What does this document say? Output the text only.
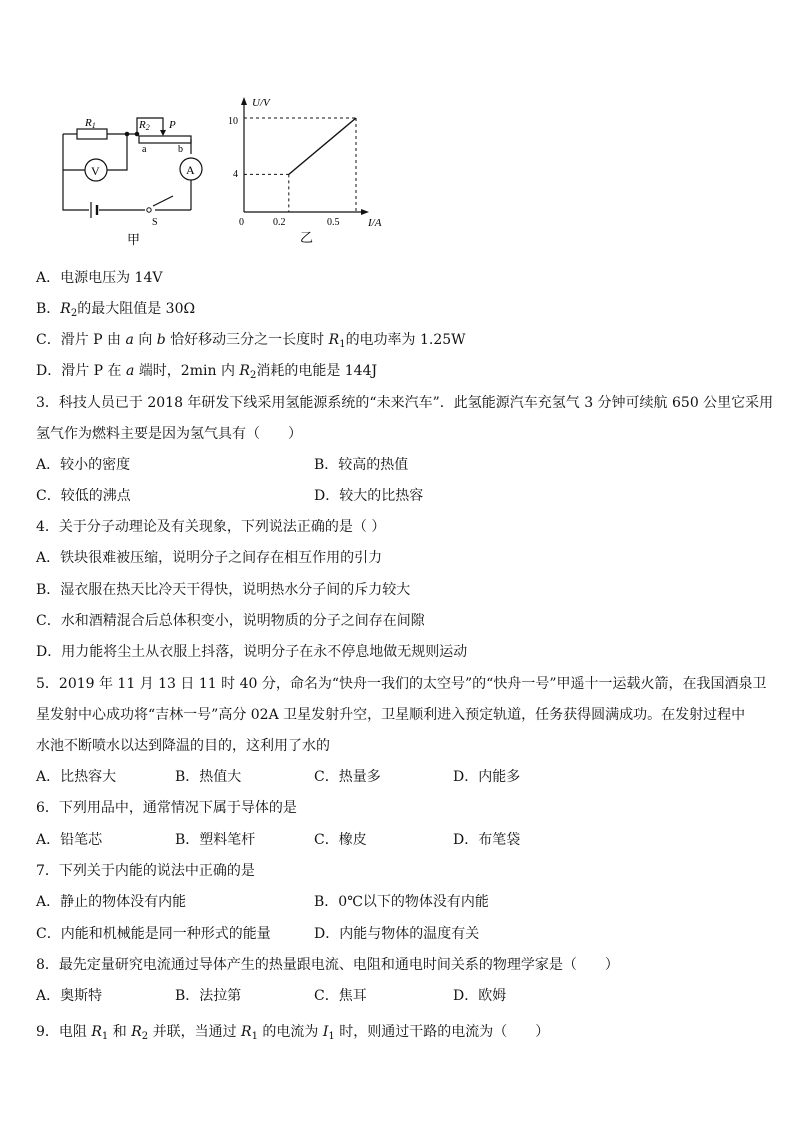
R1	R2 P
a	b
V	A
S
甲
U/V
I/A
0	0.2	0.5
10
4
乙
A．电源电压为 14V
B．$R_2$的最大阻值是 30Ω
C．滑片 P 由 a 向 b 恰好移动三分之一长度时 $R_1$的电功率为 1.25W
D．滑片 P 在 a 端时，2min 内 $R_2$消耗的电能是 144J
3．科技人员已于 2018 年研发下线采用氢能源系统的“未来汽车”．此氢能源汽车充氢气 3 分钟可续航 650 公里它采用
氢气作为燃料主要是因为氢气具有（　　）
A．较小的密度	B．较高的热值
C．较低的沸点	D．较大的比热容
4．关于分子动理论及有关现象，下列说法正确的是（ ）
A．铁块很难被压缩，说明分子之间存在相互作用的引力
B．湿衣服在热天比冷天干得快，说明热水分子间的斥力较大
C．水和酒精混合后总体积变小，说明物质的分子之间存在间隙
D．用力能将尘土从衣服上抖落，说明分子在永不停息地做无规则运动
5．2019 年 11 月 13 日 11 时 40 分，命名为“快舟一我们的太空号”的“快舟一号”甲遥十一运载火箭，在我国酒泉卫
星发射中心成功将“吉林一号”高分 02A 卫星发射升空，卫星顺利进入预定轨道，任务获得圆满成功。在发射过程中
水池不断喷水以达到降温的目的，这利用了水的
A．比热容大	B．热值大	C．热量多	D．内能多
6．下列用品中，通常情况下属于导体的是
A．铅笔芯	B．塑料笔杆	C．橡皮	D．布笔袋
7．下列关于内能的说法中正确的是
A．静止的物体没有内能	B．0℃以下的物体没有内能
C．内能和机械能是同一种形式的能量	D．内能与物体的温度有关
8．最先定量研究电流通过导体产生的热量跟电流、电阻和通电时间关系的物理学家是（　　）
A．奥斯特	B．法拉第	C．焦耳	D．欧姆
9．电阻 $R_1$ 和 $R_2$ 并联，当通过 $R_1$ 的电流为 $I_1$ 时，则通过干路的电流为（　　）
